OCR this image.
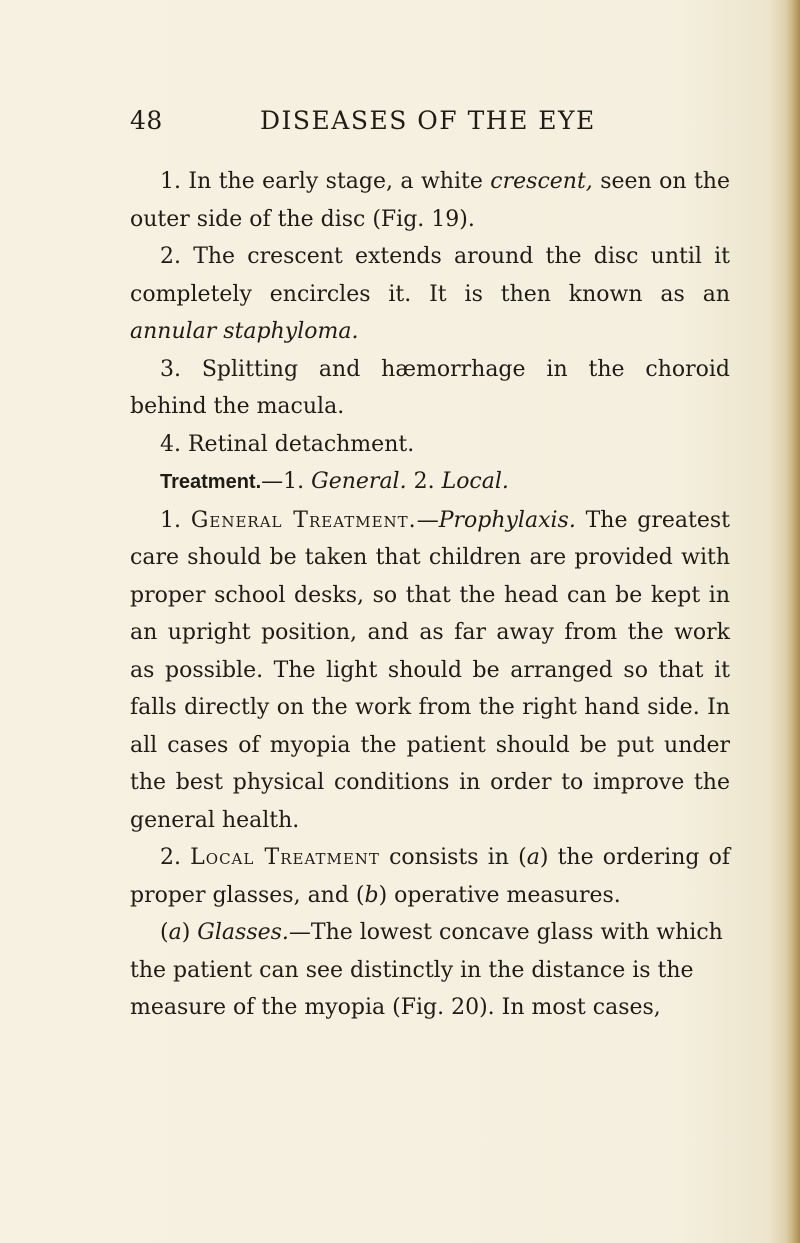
48	DISEASES OF THE EYE

1. In the early stage, a white crescent, seen on the outer side of the disc (Fig. 19).

2. The crescent extends around the disc until it completely encircles it. It is then known as an annular staphyloma.

3. Splitting and hæmorrhage in the choroid behind the macula.

4. Retinal detachment.

Treatment.—1. General. 2. Local.

1. General Treatment.—Prophylaxis. The greatest care should be taken that children are provided with proper school desks, so that the head can be kept in an upright position, and as far away from the work as possible. The light should be arranged so that it falls directly on the work from the right hand side. In all cases of myopia the patient should be put under the best physical conditions in order to improve the general health.

2. Local Treatment consists in (a) the ordering of proper glasses, and (b) operative measures.

(a) Glasses.—The lowest concave glass with which the patient can see distinctly in the distance is the measure of the myopia (Fig. 20). In most cases,
